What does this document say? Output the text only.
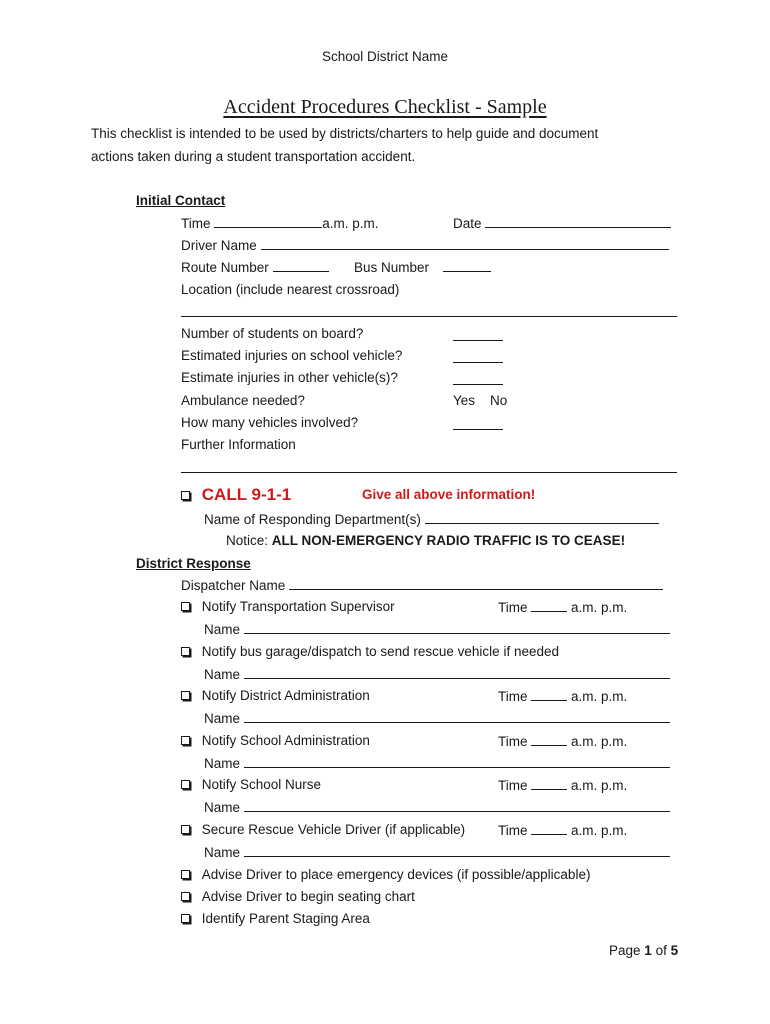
School District Name
Accident Procedures Checklist - Sample
This checklist is intended to be used by districts/charters to help guide and document
actions taken during a student transportation accident.
Initial Contact
Time	a.m. p.m.	Date
Driver Name
Route Number	Bus Number
Location (include nearest crossroad)
Number of students on board?
Estimated injuries on school vehicle?
Estimate injuries in other vehicle(s)?
Ambulance needed?	Yes    No
How many vehicles involved?
Further Information
CALL 9-1-1	Give all above information!
Name of Responding Department(s)
Notice: ALL NON-EMERGENCY RADIO TRAFFIC IS TO CEASE!
District Response
Dispatcher Name
Notify Transportation Supervisor	Time	a.m. p.m.
Name
Notify bus garage/dispatch to send rescue vehicle if needed
Name
Notify District Administration	Time	a.m. p.m.
Name
Notify School Administration	Time	a.m. p.m.
Name
Notify School Nurse	Time	a.m. p.m.
Name
Secure Rescue Vehicle Driver (if applicable) Time	a.m. p.m.
Name
Advise Driver to place emergency devices (if possible/applicable)
Advise Driver to begin seating chart
Identify Parent Staging Area
Page 1 of 5
